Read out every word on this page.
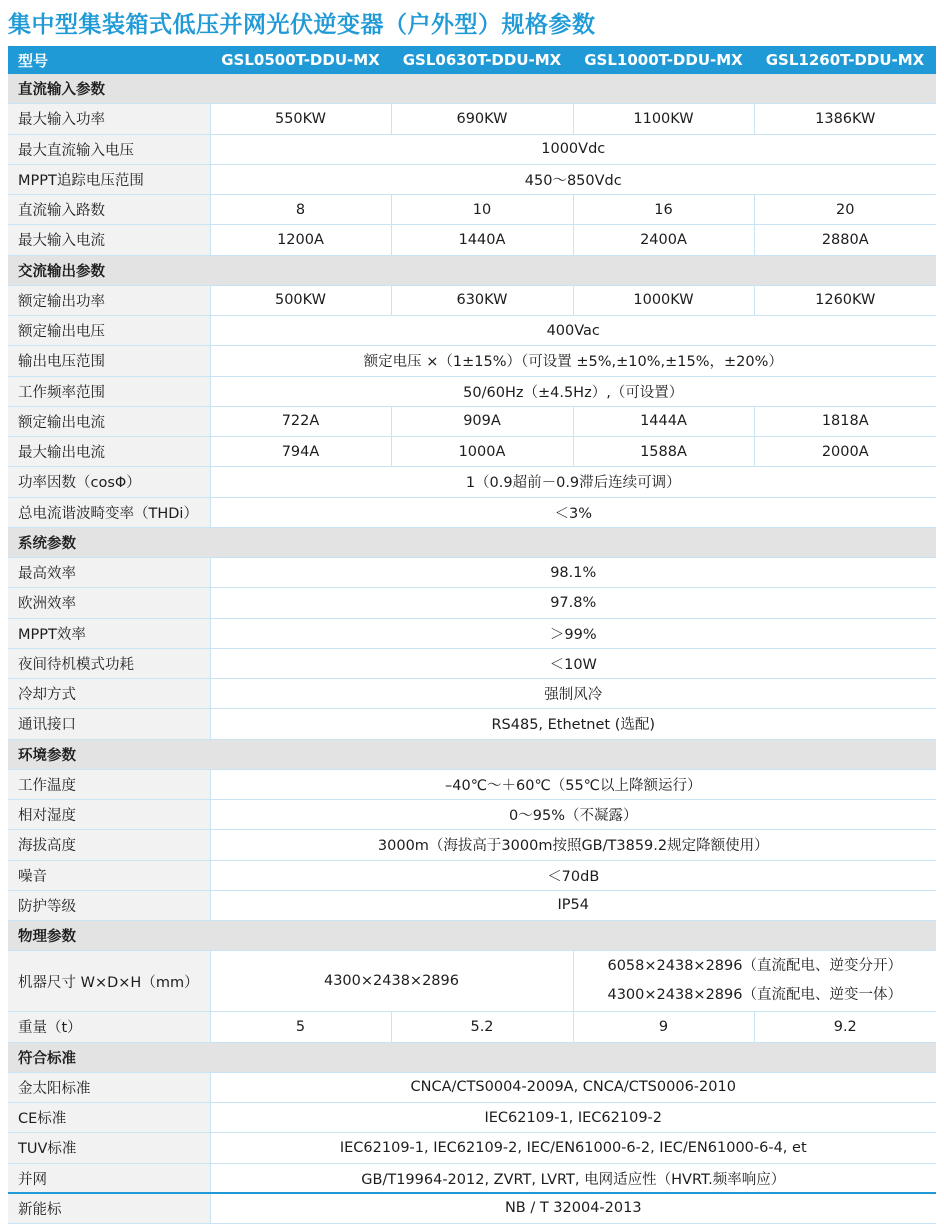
集中型集装箱式低压并网光伏逆变器（户外型）规格参数
型号	GSL0500T-DDU-MX	GSL0630T-DDU-MX	GSL1000T-DDU-MX	GSL1260T-DDU-MX
直流输入参数				
最大输入功率	550KW	690KW	1100KW	1386KW
最大直流输入电压	1000Vdc			
MPPT追踪电压范围	450～850Vdc			
直流输入路数	8	10	16	20
最大输入电流	1200A	1440A	2400A	2880A
交流输出参数				
额定输出功率	500KW	630KW	1000KW	1260KW
额定输出电压	400Vac			
输出电压范围	额定电压 ×（1±15%）（可设置 ±5%,±10%,±15%，±20%）			
工作频率范围	50/60Hz（±4.5Hz）,（可设置）			
额定输出电流	722A	909A	1444A	1818A
最大输出电流	794A	1000A	1588A	2000A
功率因数（cosΦ）	1（0.9超前－0.9滞后连续可调）			
总电流谐波畸变率（THDi）	＜3%			
系统参数				
最高效率	98.1%			
欧洲效率	97.8%			
MPPT效率	＞99%			
夜间待机模式功耗	＜10W			
冷却方式	强制风冷			
通讯接口	RS485, Ethetnet (选配)			
环境参数				
工作温度	–40℃～＋60℃（55℃以上降额运行）			
相对湿度	0～95%（不凝露）			
海拔高度	3000m（海拔高于3000m按照GB/T3859.2规定降额使用）			
噪音	＜70dB			
防护等级	IP54			
物理参数				
机器尺寸 W×D×H（mm）	4300×2438×2896		6058×2438×2896（直流配电、逆变分开）
4300×2438×2896（直流配电、逆变一体）	

重量（t）	5	5.2	9	9.2
符合标准				
金太阳标准	CNCA/CTS0004-2009A, CNCA/CTS0006-2010			
CE标准	IEC62109-1, IEC62109-2			
TUV标准	IEC62109-1, IEC62109-2, IEC/EN61000-6-2, IEC/EN61000-6-4, et			
并网	GB/T19964-2012, ZVRT, LVRT, 电网适应性（HVRT.频率响应）			
新能标	NB / T 32004-2013			
